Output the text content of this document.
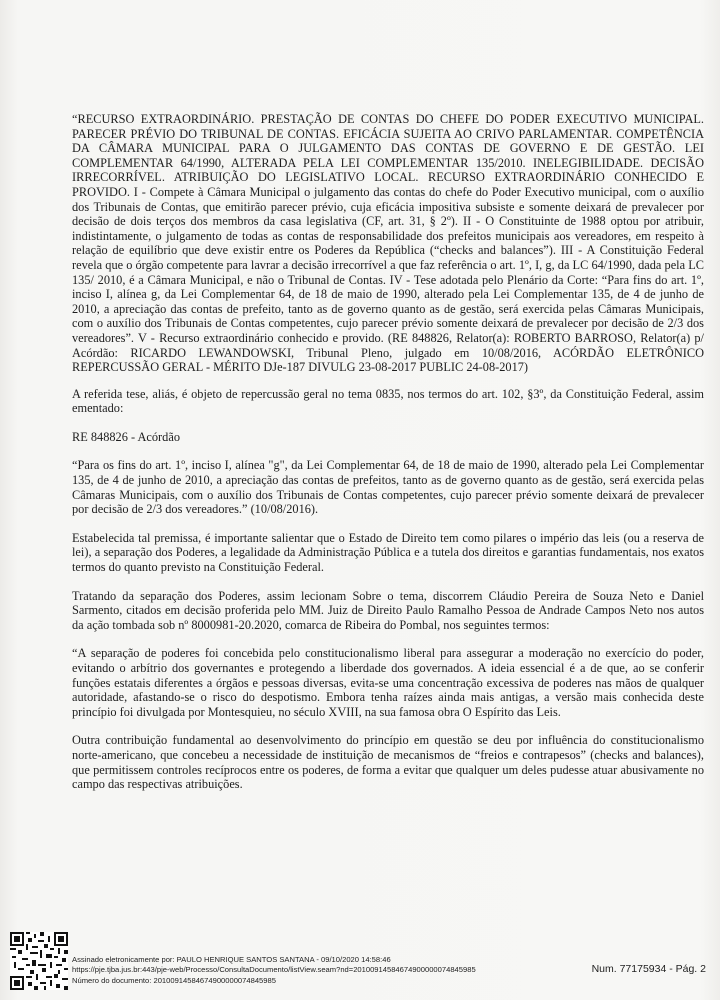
“RECURSO EXTRAORDINÁRIO. PRESTAÇÃO DE CONTAS DO CHEFE DO PODER EXECUTIVO MUNICIPAL. PARECER PRÉVIO DO TRIBUNAL DE CONTAS. EFICÁCIA SUJEITA AO CRIVO PARLAMENTAR. COMPETÊNCIA DA CÂMARA MUNICIPAL PARA O JULGAMENTO DAS CONTAS DE GOVERNO E DE GESTÃO. LEI COMPLEMENTAR 64/1990, ALTERADA PELA LEI COMPLEMENTAR 135/2010. INELEGIBILIDADE. DECISÃO IRRECORRÍVEL. ATRIBUIÇÃO DO LEGISLATIVO LOCAL. RECURSO EXTRAORDINÁRIO CONHECIDO E PROVIDO. I - Compete à Câmara Municipal o julgamento das contas do chefe do Poder Executivo municipal, com o auxílio dos Tribunais de Contas, que emitirão parecer prévio, cuja eficácia impositiva subsiste e somente deixará de prevalecer por decisão de dois terços dos membros da casa legislativa (CF, art. 31, § 2º). II - O Constituinte de 1988 optou por atribuir, indistintamente, o julgamento de todas as contas de responsabilidade dos prefeitos municipais aos vereadores, em respeito à relação de equilíbrio que deve existir entre os Poderes da República (“checks and balances”). III - A Constituição Federal revela que o órgão competente para lavrar a decisão irrecorrível a que faz referência o art. 1º, I, g, da LC 64/1990, dada pela LC 135/ 2010, é a Câmara Municipal, e não o Tribunal de Contas. IV - Tese adotada pelo Plenário da Corte: “Para fins do art. 1º, inciso I, alínea g, da Lei Complementar 64, de 18 de maio de 1990, alterado pela Lei Complementar 135, de 4 de junho de 2010, a apreciação das contas de prefeito, tanto as de governo quanto as de gestão, será exercida pelas Câmaras Municipais, com o auxílio dos Tribunais de Contas competentes, cujo parecer prévio somente deixará de prevalecer por decisão de 2/3 dos vereadores”. V - Recurso extraordinário conhecido e provido. (RE 848826, Relator(a): ROBERTO BARROSO, Relator(a) p/ Acórdão: RICARDO LEWANDOWSKI, Tribunal Pleno, julgado em 10/08/2016, ACÓRDÃO ELETRÔNICO REPERCUSSÃO GERAL - MÉRITO DJe-187 DIVULG 23-08-2017 PUBLIC 24-08-2017)

A referida tese, aliás, é objeto de repercussão geral no tema 0835, nos termos do art. 102, §3º, da Constituição Federal, assim ementado:

RE 848826 - Acórdão

“Para os fins do art. 1º, inciso I, alínea "g", da Lei Complementar 64, de 18 de maio de 1990, alterado pela Lei Complementar 135, de 4 de junho de 2010, a apreciação das contas de prefeitos, tanto as de governo quanto as de gestão, será exercida pelas Câmaras Municipais, com o auxílio dos Tribunais de Contas competentes, cujo parecer prévio somente deixará de prevalecer por decisão de 2/3 dos vereadores.” (10/08/2016).

Estabelecida tal premissa, é importante salientar que o Estado de Direito tem como pilares o império das leis (ou a reserva de lei), a separação dos Poderes, a legalidade da Administração Pública e a tutela dos direitos e garantias fundamentais, nos exatos termos do quanto previsto na Constituição Federal.

Tratando da separação dos Poderes, assim lecionam Sobre o tema, discorrem Cláudio Pereira de Souza Neto e Daniel Sarmento, citados em decisão proferida pelo MM. Juiz de Direito Paulo Ramalho Pessoa de Andrade Campos Neto nos autos da ação tombada sob nº 8000981-20.2020, comarca de Ribeira do Pombal, nos seguintes termos:

“A separação de poderes foi concebida pelo constitucionalismo liberal para assegurar a moderação no exercício do poder, evitando o arbítrio dos governantes e protegendo a liberdade dos governados. A ideia essencial é a de que, ao se conferir funções estatais diferentes a órgãos e pessoas diversas, evita-se uma concentração excessiva de poderes nas mãos de qualquer autoridade, afastando-se o risco do despotismo. Embora tenha raízes ainda mais antigas, a versão mais conhecida deste princípio foi divulgada por Montesquieu, no século XVIII, na sua famosa obra O Espírito das Leis.

Outra contribuição fundamental ao desenvolvimento do princípio em questão se deu por influência do constitucionalismo norte-americano, que concebeu a necessidade de instituição de mecanismos de “freios e contrapesos” (checks and balances), que permitissem controles recíprocos entre os poderes, de forma a evitar que qualquer um deles pudesse atuar abusivamente no campo das respectivas atribuições.

Assinado eletronicamente por: PAULO HENRIQUE SANTOS SANTANA - 09/10/2020 14:58:46
https://pje.tjba.jus.br:443/pje-web/Processo/ConsultaDocumento/listView.seam?nd=20100914584674900000074845985
Número do documento: 20100914584674900000074845985
Num. 77175934 - Pág. 2
